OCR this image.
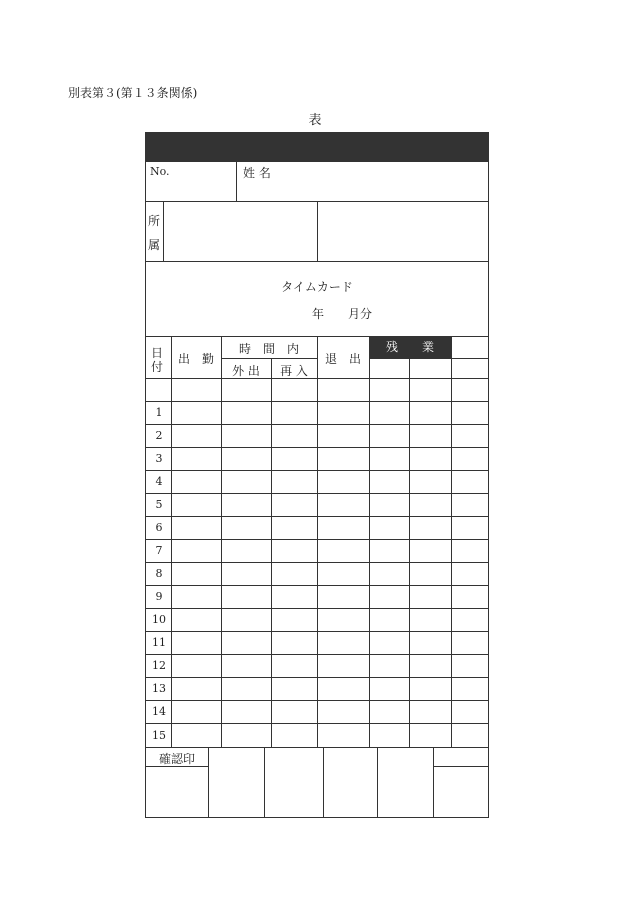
別表第３(第１３条関係)
表
No.	姓 名
所
属
タイムカード
年 月分
残　　業
日
付
出　勤
時　間　内
外 出	再 入
退　出
1
2
3
4
5
6
7
8
9
10
11
12
13
14
15
確認印
